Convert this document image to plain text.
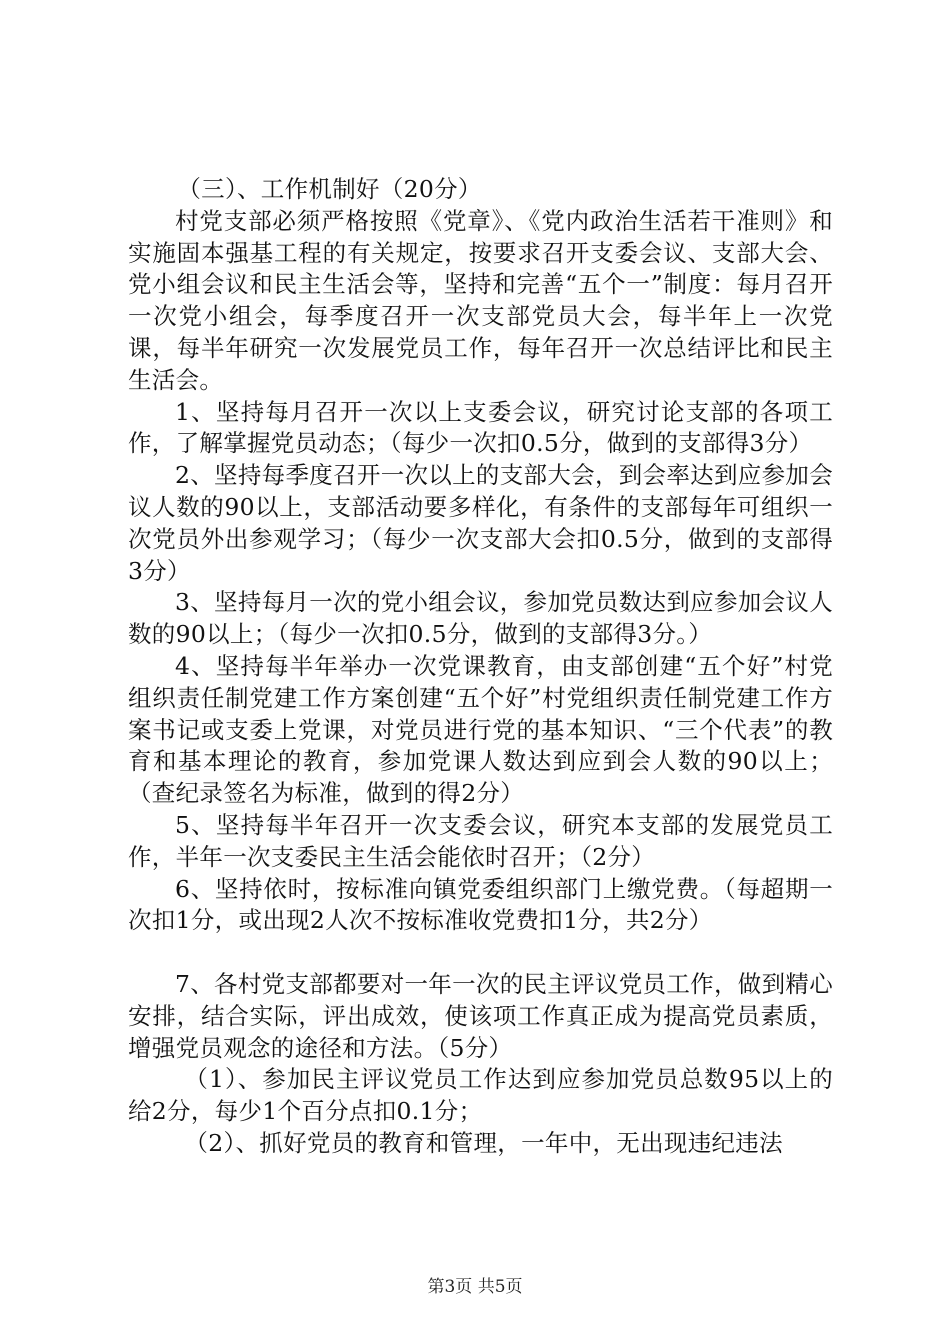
（三）、工作机制好（20分）

村党支部必须严格按照《党章》、《党内政治生活若干准则》和实施固本强基工程的有关规定，按要求召开支委会议、支部大会、党小组会议和民主生活会等，坚持和完善“五个一”制度：每月召开一次党小组会，每季度召开一次支部党员大会，每半年上一次党课，每半年研究一次发展党员工作，每年召开一次总结评比和民主生活会。

1、坚持每月召开一次以上支委会议，研究讨论支部的各项工作，了解掌握党员动态；（每少一次扣0.5分，做到的支部得3分）

2、坚持每季度召开一次以上的支部大会，到会率达到应参加会议人数的90以上，支部活动要多样化，有条件的支部每年可组织一次党员外出参观学习；（每少一次支部大会扣0.5分，做到的支部得3分）

3、坚持每月一次的党小组会议，参加党员数达到应参加会议人数的90以上；（每少一次扣0.5分，做到的支部得3分。）

4、坚持每半年举办一次党课教育，由支部创建“五个好”村党组织责任制党建工作方案创建“五个好”村党组织责任制党建工作方案书记或支委上党课，对党员进行党的基本知识、“三个代表”的教育和基本理论的教育，参加党课人数达到应到会人数的90以上；（查纪录签名为标准，做到的得2分）

5、坚持每半年召开一次支委会议，研究本支部的发展党员工作，半年一次支委民主生活会能依时召开；（2分）

6、坚持依时，按标准向镇党委组织部门上缴党费。（每超期一次扣1分，或出现2人次不按标准收党费扣1分，共2分）

7、各村党支部都要对一年一次的民主评议党员工作，做到精心安排，结合实际，评出成效，使该项工作真正成为提高党员素质，增强党员观念的途径和方法。（5分）

（1）、参加民主评议党员工作达到应参加党员总数95以上的给2分，每少1个百分点扣0.1分；

（2）、抓好党员的教育和管理，一年中，无出现违纪违法

第3页 共5页
